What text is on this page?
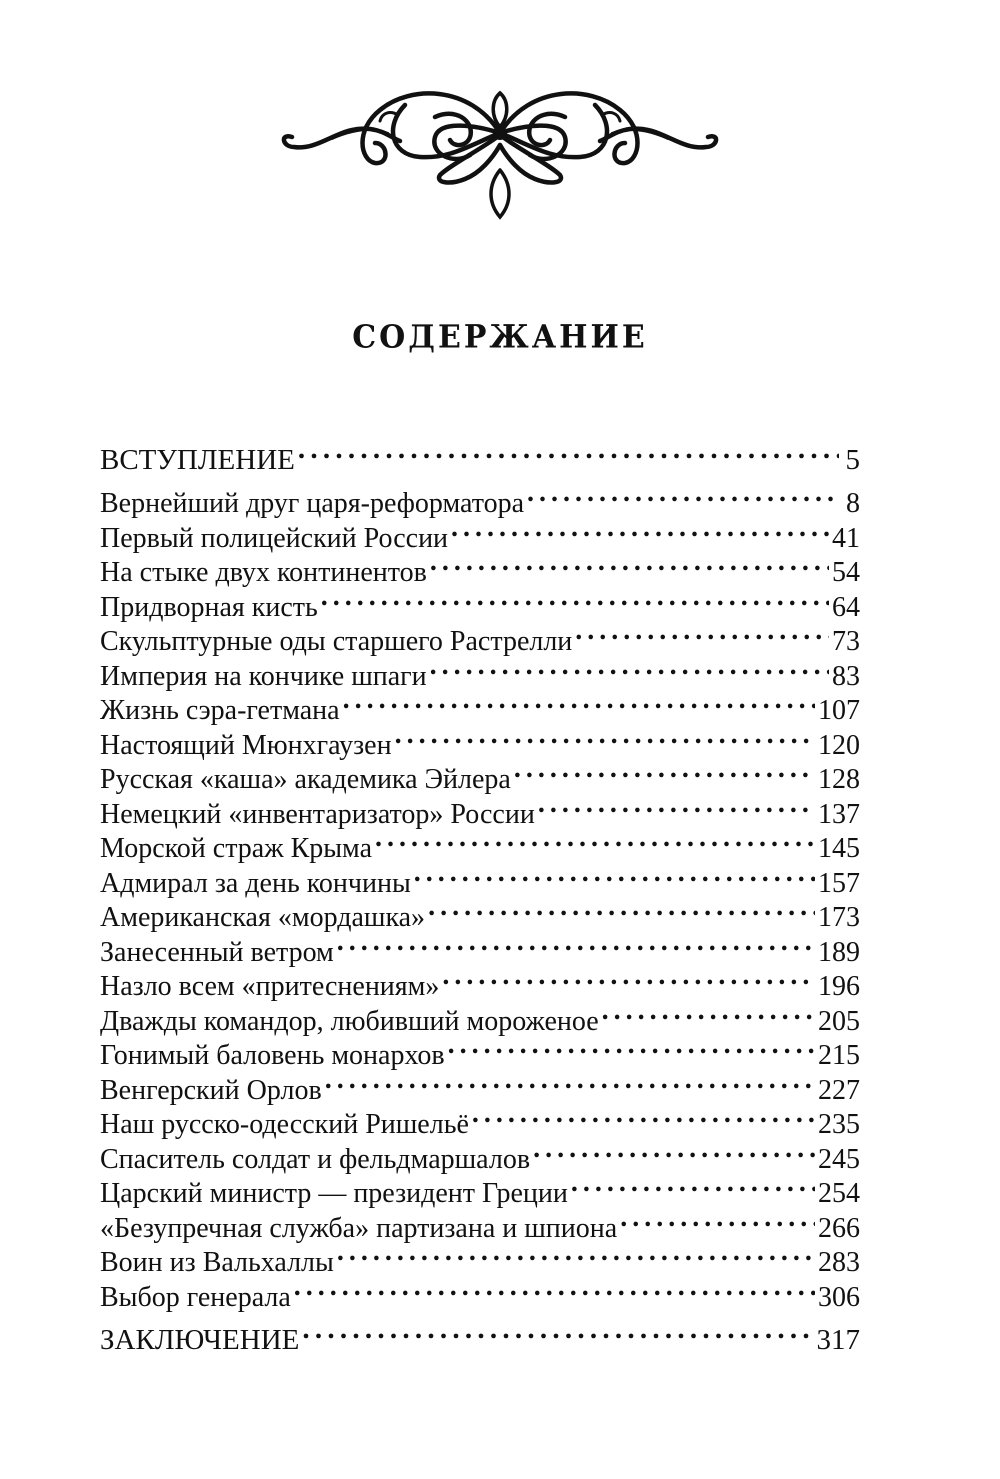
СОДЕРЖАНИЕ
ВСТУПЛЕНИЕ . . .	5
Вернейший друг царя-реформатора . . .	8
Первый полицейский России . . .	41
На стыке двух континентов . . .	54
Придворная кисть . . .	64
Скульптурные оды старшего Растрелли . . .	73
Империя на кончике шпаги . . .	83
Жизнь сэра-гетмана . . .	107
Настоящий Мюнхгаузен . . .	120
Русская «каша» академика Эйлера . . .	128
Немецкий «инвентаризатор» России . . .	137
Морской страж Крыма . . .	145
Адмирал за день кончины . . .	157
Американская «мордашка» . . .	173
Занесенный ветром . . .	189
Назло всем «притеснениям» . . .	196
Дважды командор, любивший мороженое . . .	205
Гонимый баловень монархов . . .	215
Венгерский Орлов . . .	227
Наш русско-одесский Ришельё . . .	235
Спаситель солдат и фельдмаршалов . . .	245
Царский министр — президент Греции . . .	254
«Безупречная служба» партизана и шпиона . . .	266
Воин из Вальхаллы . . .	283
Выбор генерала . . .	306
ЗАКЛЮЧЕНИЕ . . .	317
